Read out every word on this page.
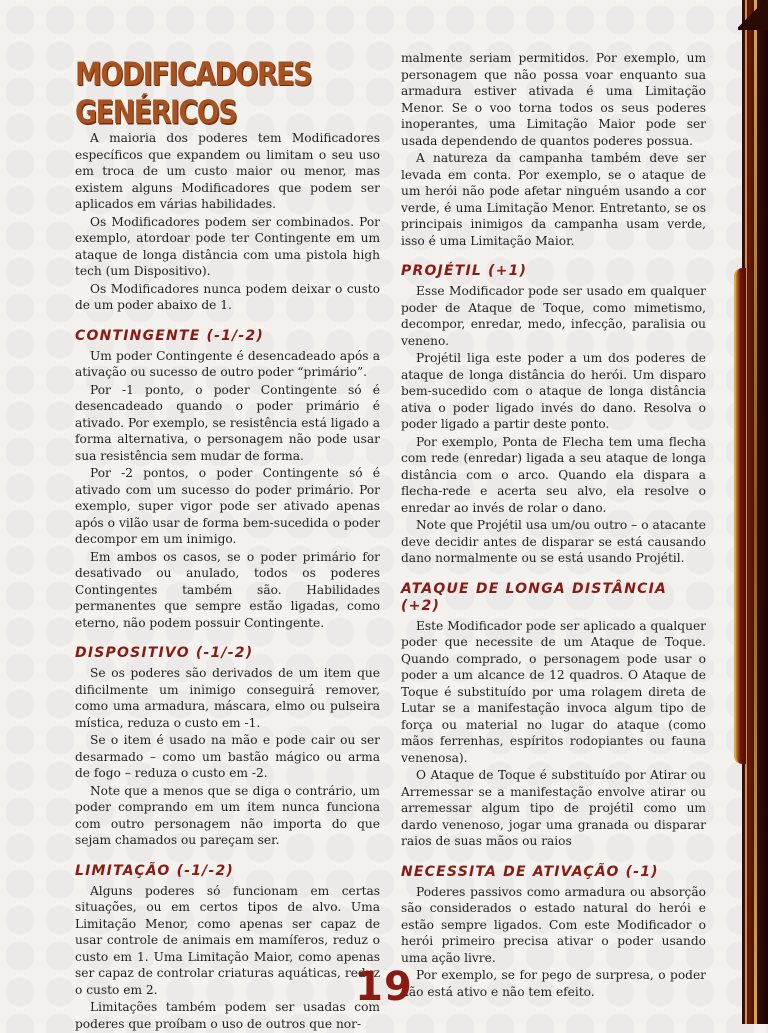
MODIFICADORES GENÉRICOS

A maioria dos poderes tem Modificadores específicos que expandem ou limitam o seu uso em troca de um custo maior ou menor, mas existem alguns Modificadores que podem ser aplicados em várias habilidades.

Os Modificadores podem ser combinados. Por exemplo, atordoar pode ter Contingente em um ataque de longa distância com uma pistola high tech (um Dispositivo).

Os Modificadores nunca podem deixar o custo de um poder abaixo de 1.

CONTINGENTE (-1/-2)

Um poder Contingente é desencadeado após a ativação ou sucesso de outro poder “primário”.

Por -1 ponto, o poder Contingente só é desencadeado quando o poder primário é ativado. Por exemplo, se resistência está ligado a forma alternativa, o personagem não pode usar sua resistência sem mudar de forma.

Por -2 pontos, o poder Contingente só é ativado com um sucesso do poder primário. Por exemplo, super vigor pode ser ativado apenas após o vilão usar de forma bem-sucedida o poder decompor em um inimigo.

Em ambos os casos, se o poder primário for desativado ou anulado, todos os poderes Contingentes também são. Habilidades permanentes que sempre estão ligadas, como eterno, não podem possuir Contingente.

DISPOSITIVO (-1/-2)

Se os poderes são derivados de um item que dificilmente um inimigo conseguirá remover, como uma armadura, máscara, elmo ou pulseira mística, reduza o custo em -1.

Se o item é usado na mão e pode cair ou ser desarmado – como um bastão mágico ou arma de fogo – reduza o custo em -2.

Note que a menos que se diga o contrário, um poder comprando em um item nunca funciona com outro personagem não importa do que sejam chamados ou pareçam ser.

LIMITAÇÃO (-1/-2)

Alguns poderes só funcionam em certas situações, ou em certos tipos de alvo. Uma Limitação Menor, como apenas ser capaz de usar controle de animais em mamíferos, reduz o custo em 1. Uma Limitação Maior, como apenas ser capaz de controlar criaturas aquáticas, reduz o custo em 2.

Limitações também podem ser usadas com poderes que proíbam o uso de outros que nor-

malmente seriam permitidos. Por exemplo, um personagem que não possa voar enquanto sua armadura estiver ativada é uma Limitação Menor. Se o voo torna todos os seus poderes inoperantes, uma Limitação Maior pode ser usada dependendo de quantos poderes possua.

A natureza da campanha também deve ser levada em conta. Por exemplo, se o ataque de um herói não pode afetar ninguém usando a cor verde, é uma Limitação Menor. Entretanto, se os principais inimigos da campanha usam verde, isso é uma Limitação Maior.

PROJÉTIL (+1)

Esse Modificador pode ser usado em qualquer poder de Ataque de Toque, como mimetismo, decompor, enredar, medo, infecção, paralisia ou veneno.

Projétil liga este poder a um dos poderes de ataque de longa distância do herói. Um disparo bem-sucedido com o ataque de longa distância ativa o poder ligado invés do dano. Resolva o poder ligado a partir deste ponto.

Por exemplo, Ponta de Flecha tem uma flecha com rede (enredar) ligada a seu ataque de longa distância com o arco. Quando ela dispara a flecha-rede e acerta seu alvo, ela resolve o enredar ao invés de rolar o dano.

Note que Projétil usa um/ou outro – o atacante deve decidir antes de disparar se está causando dano normalmente ou se está usando Projétil.

ATAQUE DE LONGA DISTÂNCIA (+2)

Este Modificador pode ser aplicado a qualquer poder que necessite de um Ataque de Toque. Quando comprado, o personagem pode usar o poder a um alcance de 12 quadros. O Ataque de Toque é substituído por uma rolagem direta de Lutar se a manifestação invoca algum tipo de força ou material no lugar do ataque (como mãos ferrenhas, espíritos rodopiantes ou fauna venenosa).

O Ataque de Toque é substituído por Atirar ou Arremessar se a manifestação envolve atirar ou arremessar algum tipo de projétil como um dardo venenoso, jogar uma granada ou disparar raios de suas mãos ou raios

NECESSITA DE ATIVAÇÃO (-1)

Poderes passivos como armadura ou absorção são considerados o estado natural do herói e estão sempre ligados. Com este Modificador o herói primeiro precisa ativar o poder usando uma ação livre.

Por exemplo, se for pego de surpresa, o poder não está ativo e não tem efeito.

19
